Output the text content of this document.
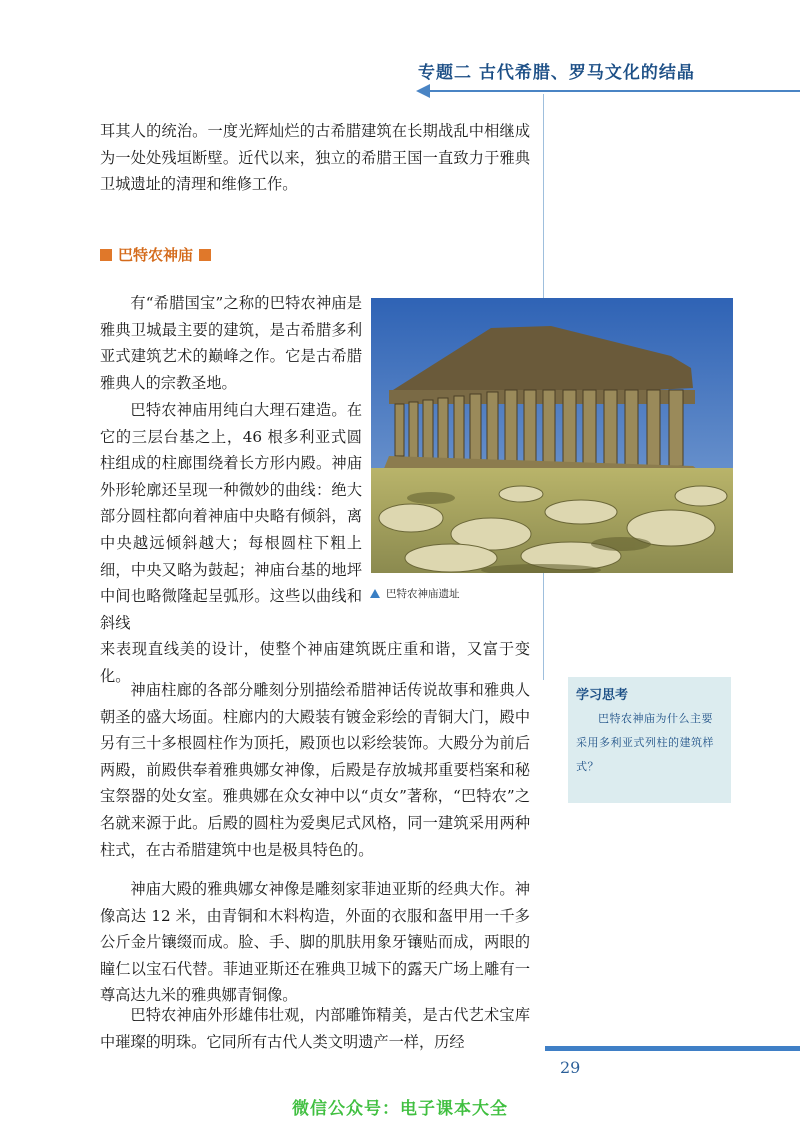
专题二 古代希腊、罗马文化的结晶

耳其人的统治。一度光辉灿烂的古希腊建筑在长期战乱中相继成为一处处残垣断壁。近代以来，独立的希腊王国一直致力于雅典卫城遗址的清理和维修工作。

巴特农神庙

有“希腊国宝”之称的巴特农神庙是雅典卫城最主要的建筑，是古希腊多利亚式建筑艺术的巅峰之作。它是古希腊雅典人的宗教圣地。

巴特农神庙用纯白大理石建造。在它的三层台基之上，46 根多利亚式圆柱组成的柱廊围绕着长方形内殿。神庙外形轮廓还呈现一种微妙的曲线：绝大部分圆柱都向着神庙中央略有倾斜，离中央越远倾斜越大；每根圆柱下粗上细，中央又略为鼓起；神庙台基的地坪中间也略微隆起呈弧形。这些以曲线和斜线

来表现直线美的设计，使整个神庙建筑既庄重和谐，又富于变化。

神庙柱廊的各部分雕刻分别描绘希腊神话传说故事和雅典人朝圣的盛大场面。柱廊内的大殿装有镀金彩绘的青铜大门，殿中另有三十多根圆柱作为顶托，殿顶也以彩绘装饰。大殿分为前后两殿，前殿供奉着雅典娜女神像，后殿是存放城邦重要档案和秘宝祭器的处女室。雅典娜在众女神中以“贞女”著称，“巴特农”之名就来源于此。后殿的圆柱为爱奥尼式风格，同一建筑采用两种柱式，在古希腊建筑中也是极具特色的。

神庙大殿的雅典娜女神像是雕刻家菲迪亚斯的经典大作。神像高达 12 米，由青铜和木料构造，外面的衣服和盔甲用一千多公斤金片镶缀而成。脸、手、脚的肌肤用象牙镶贴而成，两眼的瞳仁以宝石代替。菲迪亚斯还在雅典卫城下的露天广场上雕有一尊高达九米的雅典娜青铜像。

巴特农神庙外形雄伟壮观，内部雕饰精美，是古代艺术宝库中璀璨的明珠。它同所有古代人类文明遗产一样，历经

巴特农神庙遗址
学习思考

巴特农神庙为什么主要采用多利亚式列柱的建筑样式？

29
微信公众号：电子课本大全
